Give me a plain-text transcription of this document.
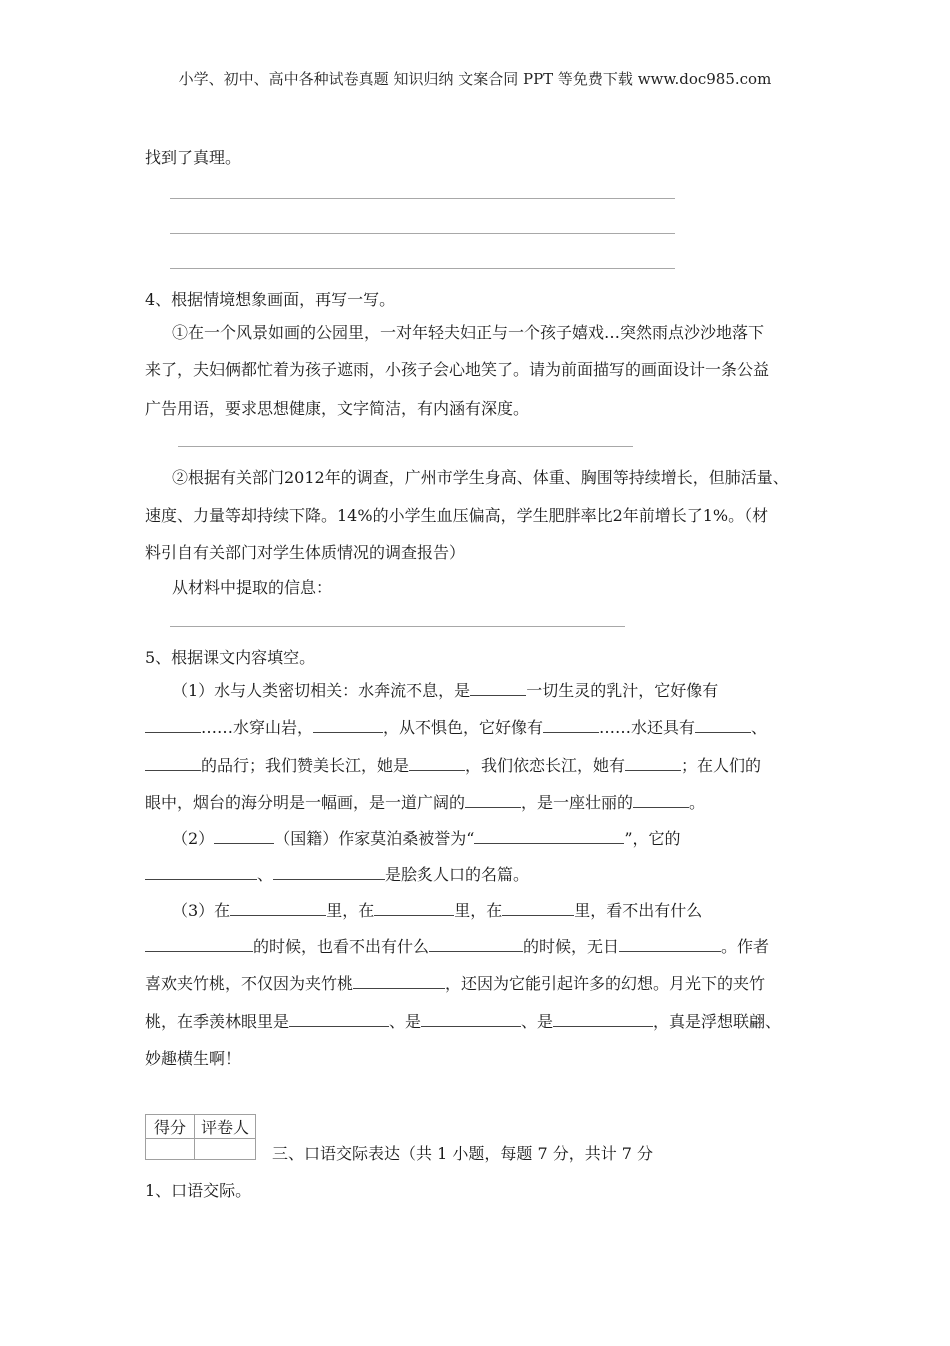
小学、初中、高中各种试卷真题 知识归纳 文案合同 PPT 等免费下载 www.doc985.com
找到了真理。
4、根据情境想象画面，再写一写。
①在一个风景如画的公园里，一对年轻夫妇正与一个孩子嬉戏…突然雨点沙沙地落下
来了，夫妇俩都忙着为孩子遮雨，小孩子会心地笑了。请为前面描写的画面设计一条公益
广告用语，要求思想健康，文字简洁，有内涵有深度。
②根据有关部门2012年的调查，广州市学生身高、体重、胸围等持续增长，但肺活量、
速度、力量等却持续下降。14%的小学生血压偏高，学生肥胖率比2年前增长了1%。（材
料引自有关部门对学生体质情况的调查报告）
从材料中提取的信息：
5、根据课文内容填空。
（1）水与人类密切相关：水奔流不息，是	一切生灵的乳汁，它好像有
……水穿山岩，	，从不惧色，它好像有	……水还具有	、
的品行；我们赞美长江，她是	，我们依恋长江，她有	；在人们的
眼中，烟台的海分明是一幅画，是一道广阔的	，是一座壮丽的	。
（2）	（国籍）作家莫泊桑被誉为“	”，它的
、	是脍炙人口的名篇。
（3）在	里，在	里，在	里，看不出有什么
的时候，也看不出有什么	的时候，无日	。作者
喜欢夹竹桃，不仅因为夹竹桃	，还因为它能引起许多的幻想。月光下的夹竹
桃，在季羡林眼里是	、是	、是	，真是浮想联翩、
妙趣横生啊！
得分	评卷人

三、口语交际表达（共 1 小题，每题 7 分，共计 7 分
1、口语交际。
